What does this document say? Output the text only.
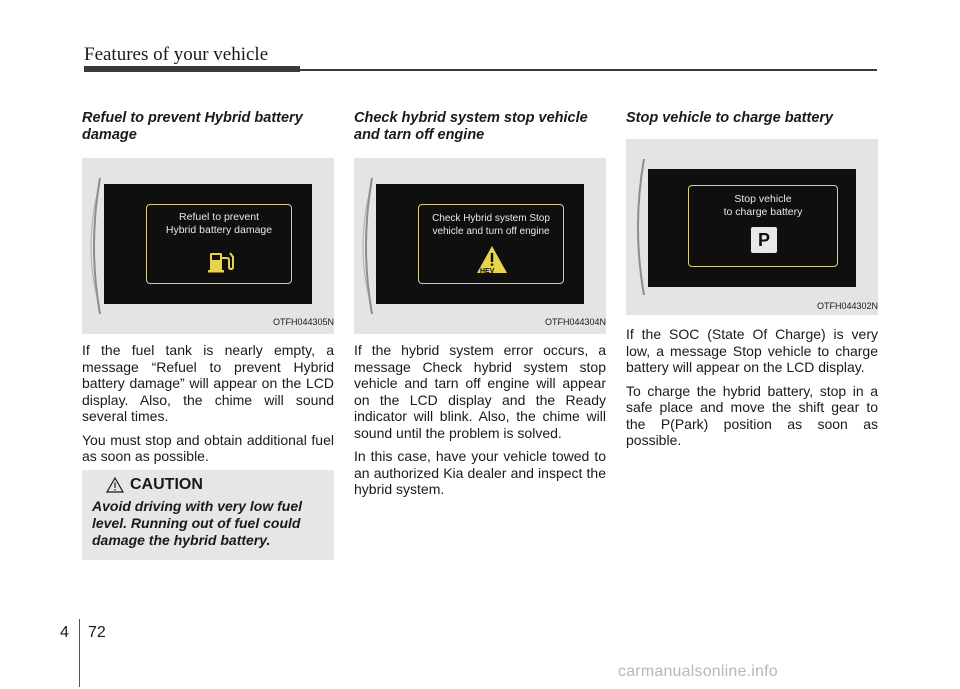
Features of your vehicle
Refuel to prevent Hybrid battery damage
Refuel to prevent
Hybrid battery damage
OTFH044305N

If the fuel tank is nearly empty, a message “Refuel to prevent Hybrid battery damage” will appear on the LCD display. Also, the chime will sound several times.

You must stop and obtain additional fuel as soon as possible.

CAUTION
Avoid driving with very low fuel level. Running out of fuel could damage the hybrid battery.
Check hybrid system stop vehicle and tarn off engine
Check Hybrid system Stop
vehicle and turn off engine
HEV
OTFH044304N

If the hybrid system error occurs, a message Check hybrid system stop vehicle and tarn off engine will appear on the LCD display and the Ready indicator will blink. Also, the chime will sound until the problem is solved.

In this case, have your vehicle towed to an authorized Kia dealer and inspect the hybrid system.

Stop vehicle to charge battery
Stop vehicle
to charge battery
P
OTFH044302N

If the SOC (State Of Charge) is very low, a message Stop vehicle to charge battery will appear on the LCD display.

To charge the hybrid battery, stop in a safe place and move the shift gear to the P(Park) position as soon as possible.

4 72
carmanualsonline.info
